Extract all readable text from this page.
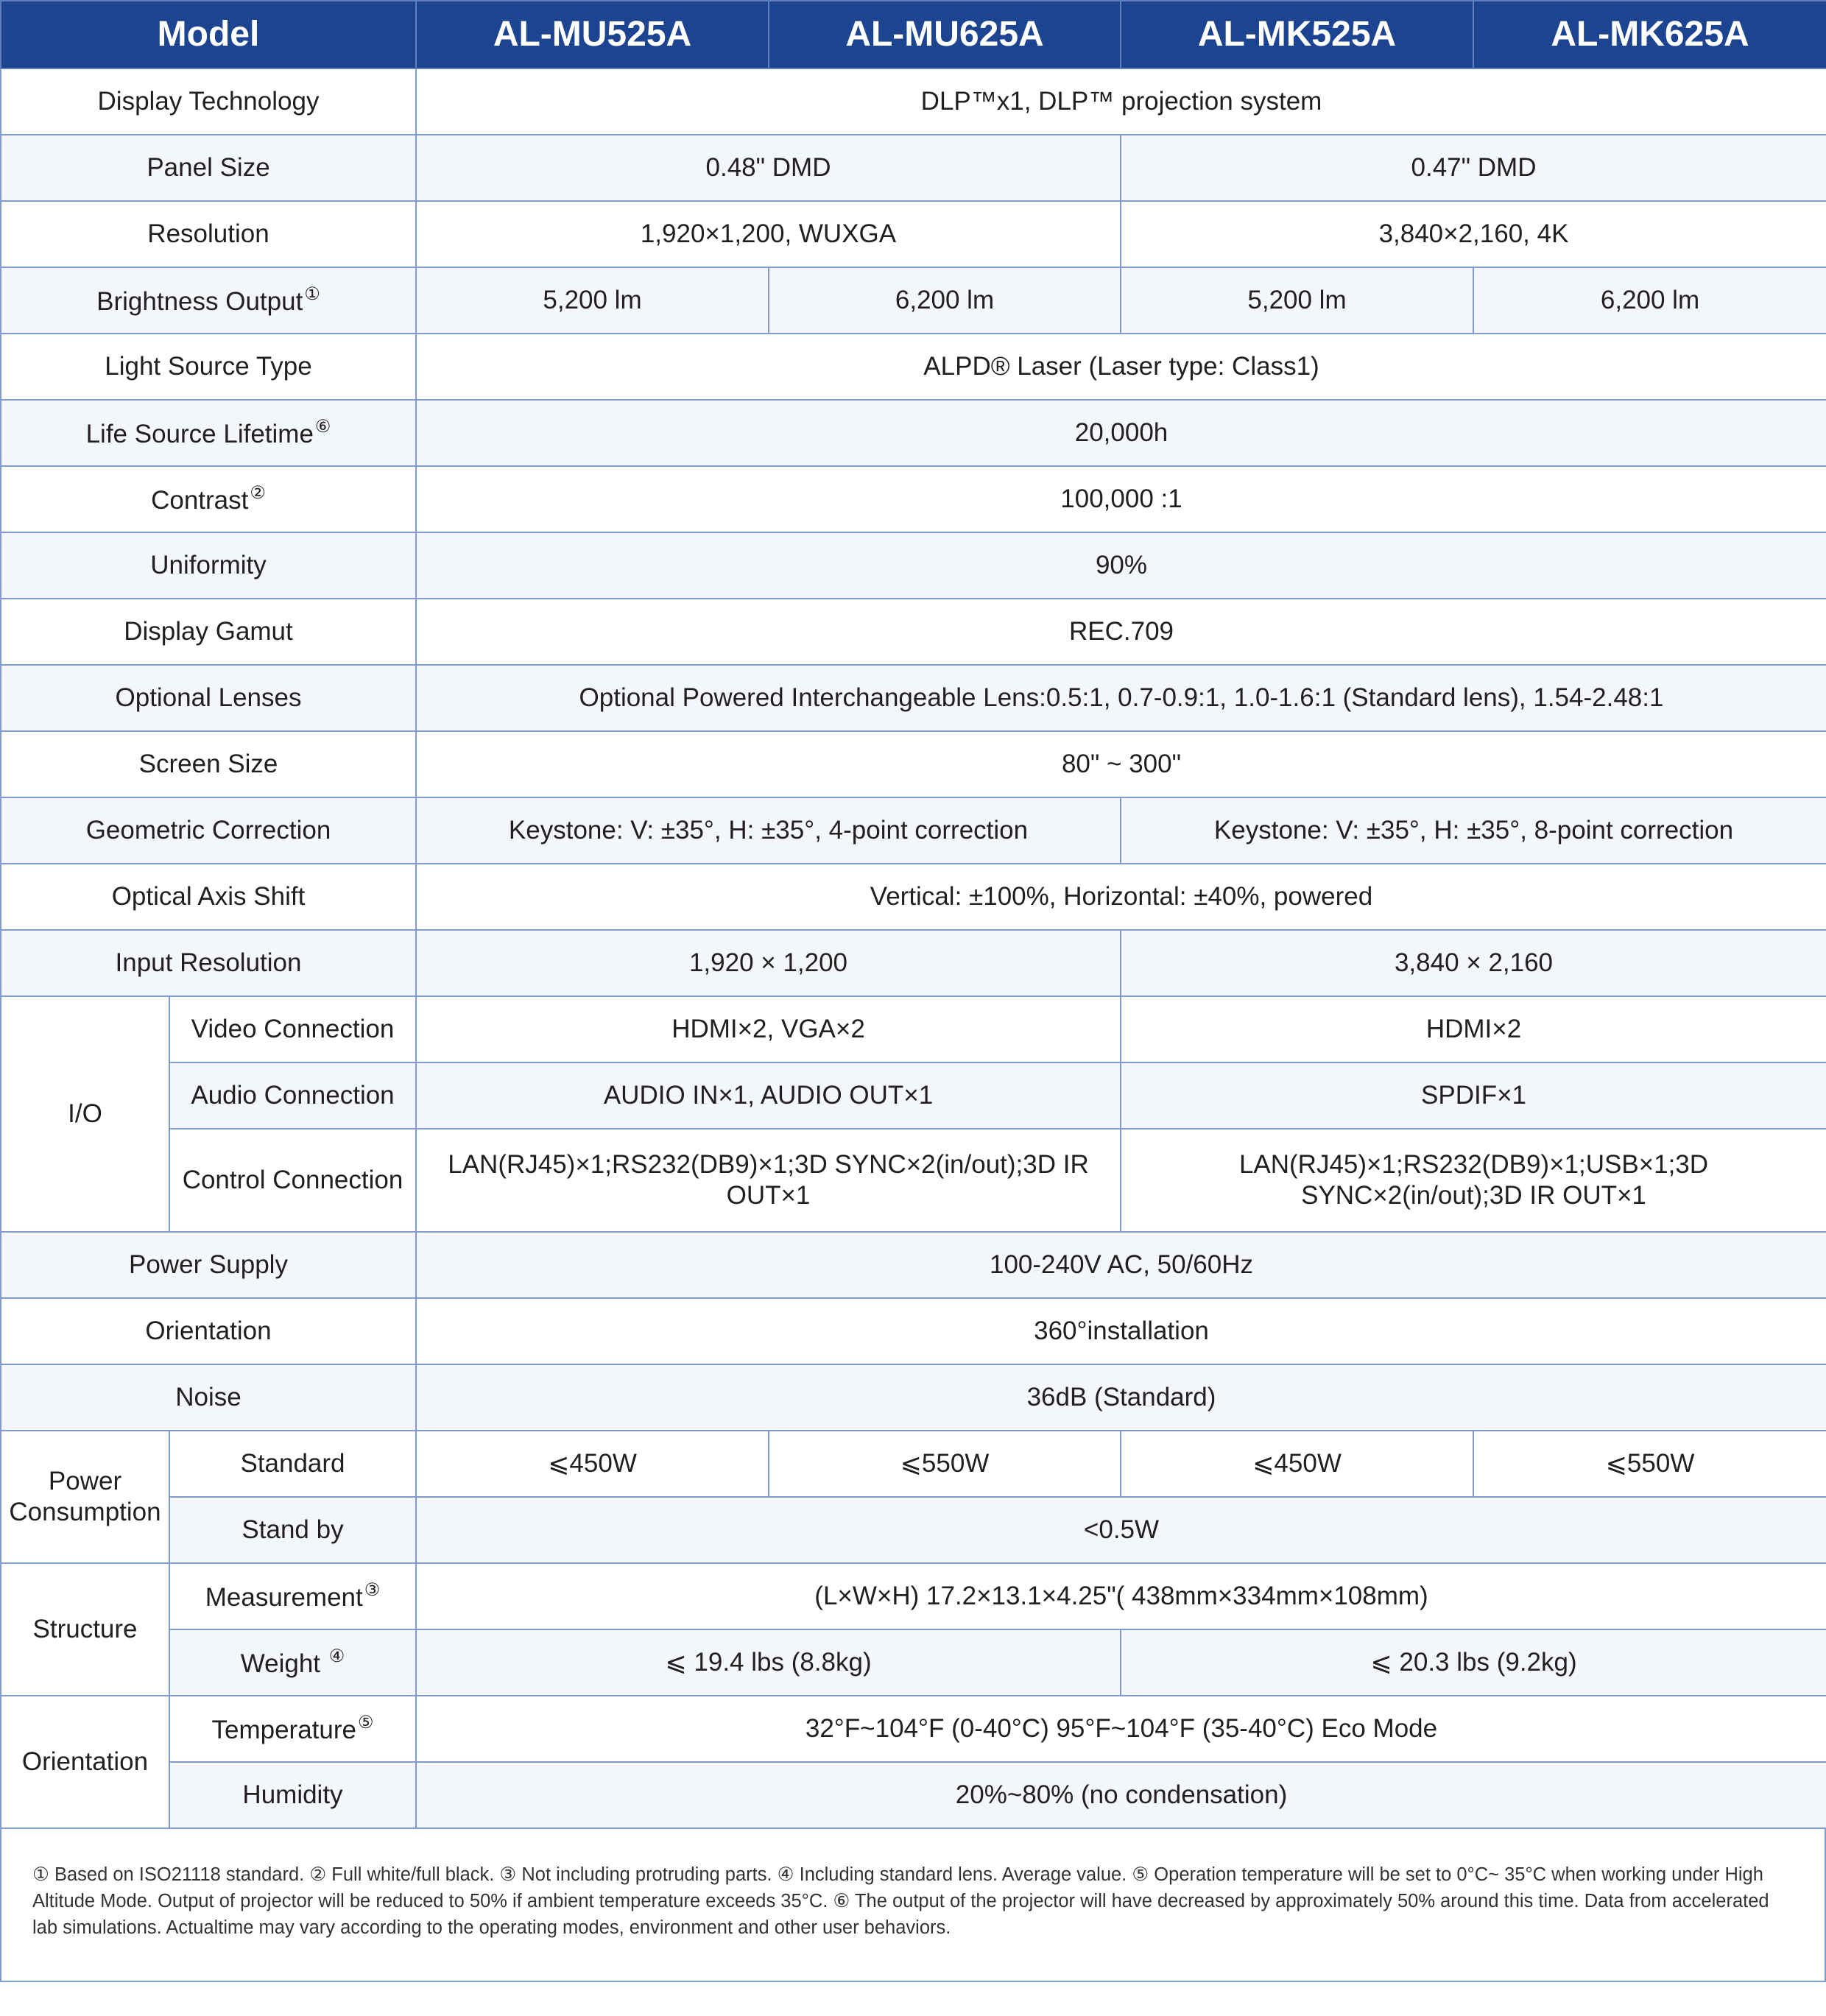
Model		AL-MU525A	AL-MU625A	AL-MK525A	AL-MK625A
Display Technology		DLP™x1, DLP™ projection system			
Panel Size		0.48" DMD		0.47" DMD	
Resolution		1,920×1,200, WUXGA		3,840×2,160, 4K	
Brightness Output①		5,200 lm	6,200 lm	5,200 lm	6,200 lm
Light Source Type		ALPD® Laser (Laser type: Class1)			
Life Source Lifetime⑥		20,000h			
Contrast②		100,000 :1			
Uniformity		90%			
Display Gamut		REC.709			
Optional Lenses		Optional Powered Interchangeable Lens:0.5:1, 0.7-0.9:1, 1.0-1.6:1 (Standard lens), 1.54-2.48:1			
Screen Size		80" ~ 300"			
Geometric Correction		Keystone: V: ±35°, H: ±35°, 4-point correction		Keystone: V: ±35°, H: ±35°, 8-point correction	
Optical Axis Shift		Vertical: ±100%, Horizontal: ±40%, powered			
Input Resolution		1,920 × 1,200		3,840 × 2,160	
I/O	Video Connection	HDMI×2, VGA×2		HDMI×2	
	Audio Connection	AUDIO IN×1, AUDIO OUT×1		SPDIF×1	
	Control Connection	LAN(RJ45)×1;RS232(DB9)×1;3D SYNC×2(in/out);3D IR OUT×1		LAN(RJ45)×1;RS232(DB9)×1;USB×1;3D SYNC×2(in/out);3D IR OUT×1	
Power Supply		100-240V AC, 50/60Hz			
Orientation		360°installation			
Noise		36dB (Standard)			
Power Consumption	Standard	⩽450W	⩽550W	⩽450W	⩽550W
	Stand by	<0.5W			
Structure	Measurement③	(L×W×H) 17.2×13.1×4.25"( 438mm×334mm×108mm)			
	Weight ④	⩽ 19.4 lbs (8.8kg)		⩽ 20.3 lbs (9.2kg)	
Orientation	Temperature⑤	32°F~104°F (0-40°C) 95°F~104°F (35-40°C) Eco Mode			
	Humidity	20%~80% (no condensation)			
① Based on ISO21118 standard. ② Full white/full black. ③ Not including protruding parts. ④ Including standard lens. Average value. ⑤ Operation temperature will be set to 0°C~ 35°C when working under High Altitude Mode. Output of projector will be reduced to 50% if ambient temperature exceeds 35°C. ⑥ The output of the projector will have decreased by approximately 50% around this time. Data from accelerated lab simulations. Actualtime may vary according to the operating modes, environment and other user behaviors.
